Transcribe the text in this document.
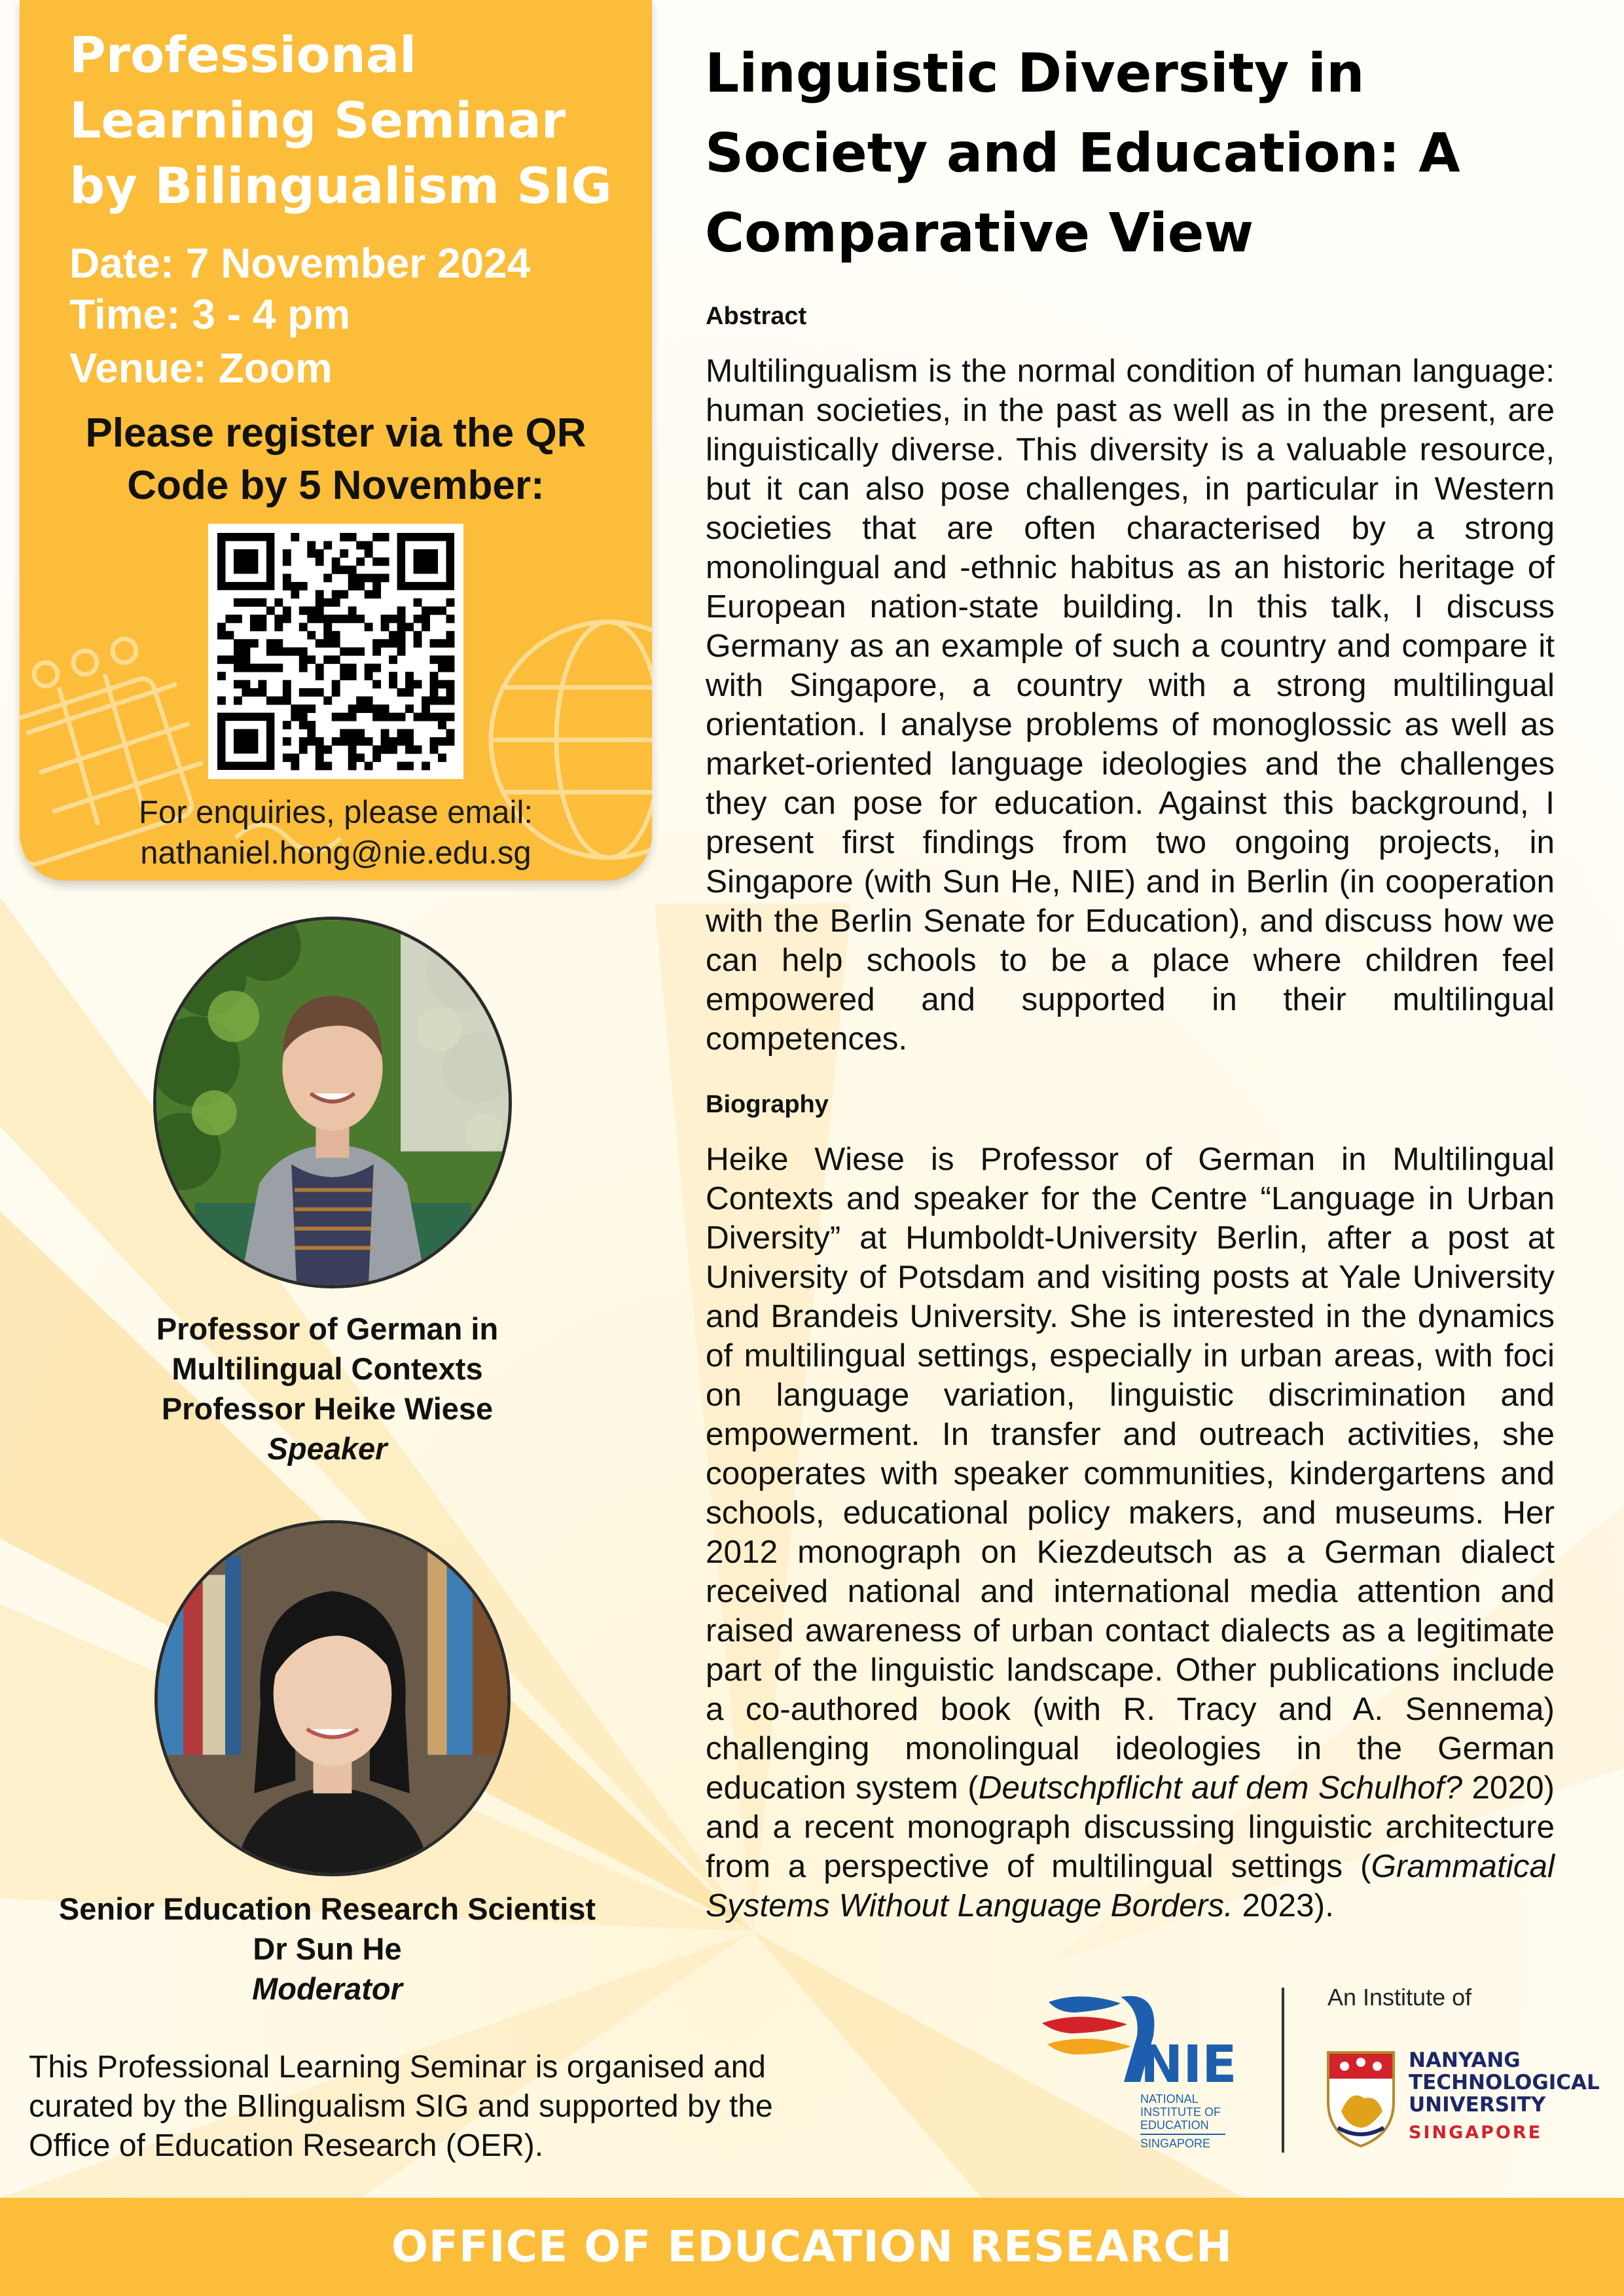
Professional Learning Seminar by Bilingualism SIG
Date: 7 November 2024
Time: 3 - 4 pm
Venue: Zoom
Please register via the QR Code by 5 November:
For enquiries, please email:
nathaniel.hong@nie.edu.sg
Professor of German in
Multilingual Contexts
Professor Heike Wiese
Speaker
Senior Education Research Scientist
Dr Sun He
Moderator
This Professional Learning Seminar is organised and curated by the BIlingualism SIG and supported by the Office of Education Research (OER).
Linguistic Diversity in Society and Education: A Comparative View
Abstract
Multilingualism is the normal condition of human language: human societies, in the past as well as in the present, are linguistically diverse. This diversity is a valuable resource, but it can also pose challenges, in particular in Western societies that are often characterised by a strong monolingual and -ethnic habitus as an historic heritage of European nation-state building. In this talk, I discuss Germany as an example of such a country and compare it with Singapore, a country with a strong multilingual orientation. I analyse problems of monoglossic as well as market-oriented language ideologies and the challenges they can pose for education. Against this background, I present first findings from two ongoing projects, in Singapore (with Sun He, NIE) and in Berlin (in cooperation with the Berlin Senate for Education), and discuss how we can help schools to be a place where children feel empowered and supported in their multilingual competences.
Biography
Heike Wiese is Professor of German in Multilingual Contexts and speaker for the Centre “Language in Urban Diversity” at Humboldt-University Berlin, after a post at University of Potsdam and visiting posts at Yale University and Brandeis University. She is interested in the dynamics of multilingual settings, especially in urban areas, with foci on language variation, linguistic discrimination and empowerment. In transfer and outreach activities, she cooperates with speaker communities, kindergartens and schools, educational policy makers, and museums. Her 2012 monograph on Kiezdeutsch as a German dialect received national and international media attention and raised awareness of urban contact dialects as a legitimate part of the linguistic landscape. Other publications include a co-authored book (with R. Tracy and A. Sennema) challenging monolingual ideologies in the German education system (Deutschpflicht auf dem Schulhof? 2020) and a recent monograph discussing linguistic architecture from a perspective of multilingual settings (Grammatical Systems Without Language Borders. 2023).
NIE
NATIONAL
INSTITUTE OF
EDUCATION
SINGAPORE
An Institute of
NANYANG
TECHNOLOGICAL
UNIVERSITY
SINGAPORE
OFFICE OF EDUCATION RESEARCH
